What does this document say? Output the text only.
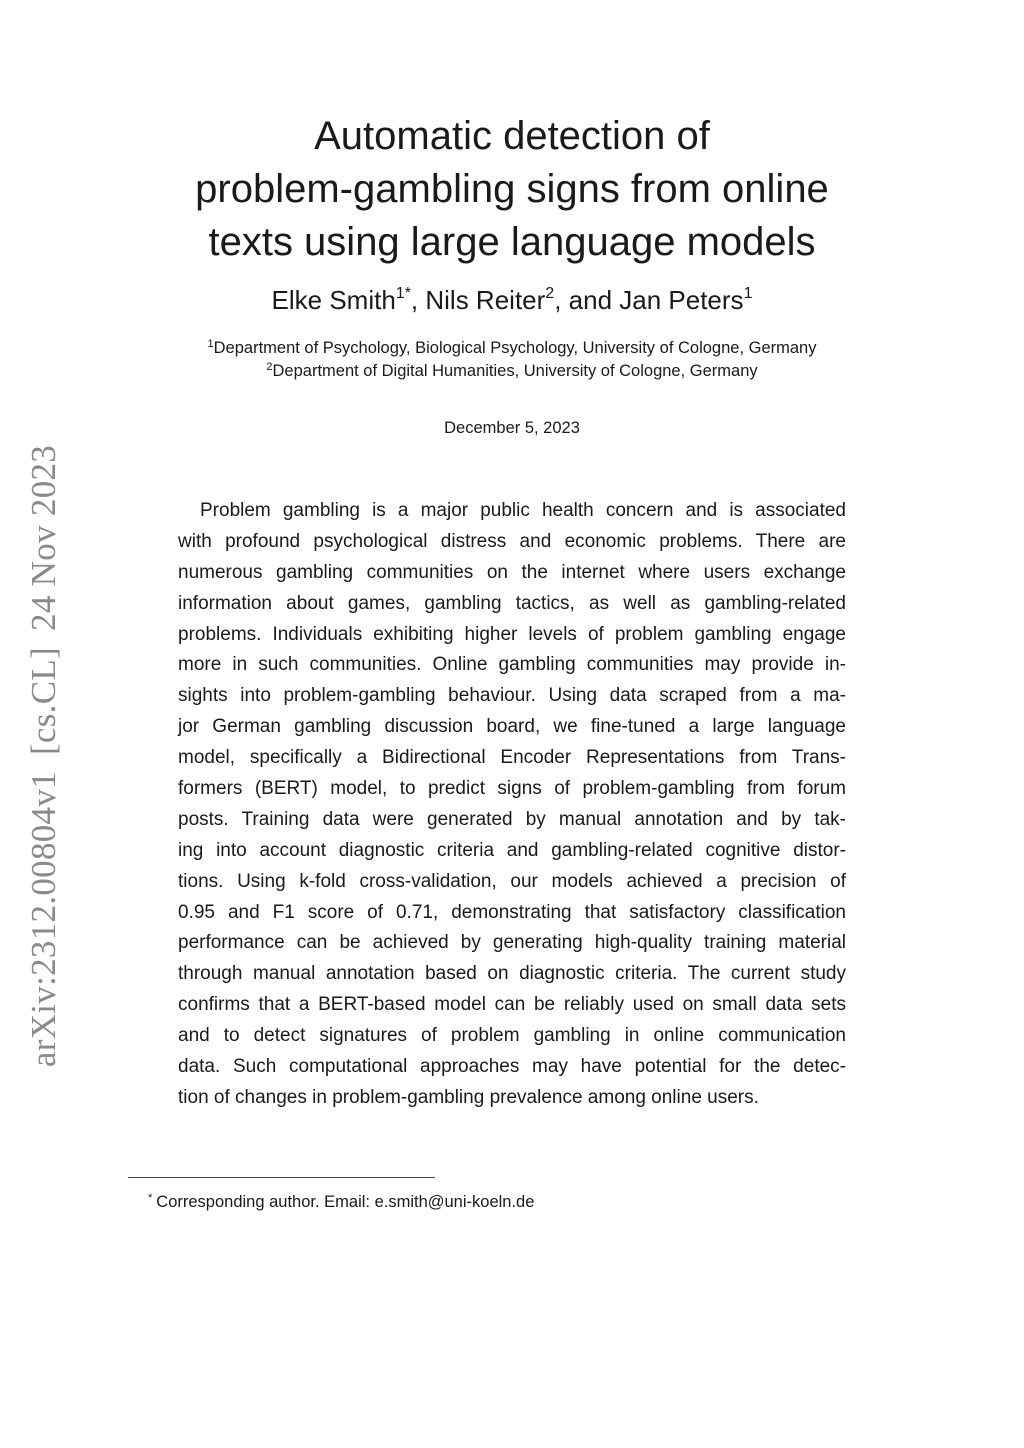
arXiv:2312.00804v1[cs.CL]24 Nov 2023
Automatic detection of
problem-gambling signs from online
texts using large language models
Elke Smith$^{1*}$, Nils Reiter$^2$, and Jan Peters$^1$
$^1$Department of Psychology, Biological Psychology, University of Cologne, Germany
$^2$Department of Digital Humanities, University of Cologne, Germany
December 5, 2023
Problem gambling is a major public health concern and is associated
with profound psychological distress and economic problems. There are
numerous gambling communities on the internet where users exchange
information about games, gambling tactics, as well as gambling-related
problems. Individuals exhibiting higher levels of problem gambling engage
more in such communities. Online gambling communities may provide in-
sights into problem-gambling behaviour. Using data scraped from a ma-
jor German gambling discussion board, we fine-tuned a large language
model, specifically a Bidirectional Encoder Representations from Trans-
formers (BERT) model, to predict signs of problem-gambling from forum
posts. Training data were generated by manual annotation and by tak-
ing into account diagnostic criteria and gambling-related cognitive distor-
tions. Using k-fold cross-validation, our models achieved a precision of
0.95 and F1 score of 0.71, demonstrating that satisfactory classification
performance can be achieved by generating high-quality training material
through manual annotation based on diagnostic criteria. The current study
confirms that a BERT-based model can be reliably used on small data sets
and to detect signatures of problem gambling in online communication
data. Such computational approaches may have potential for the detec-
tion of changes in problem-gambling prevalence among online users.
* Corresponding author. Email: e.smith@uni-koeln.de
